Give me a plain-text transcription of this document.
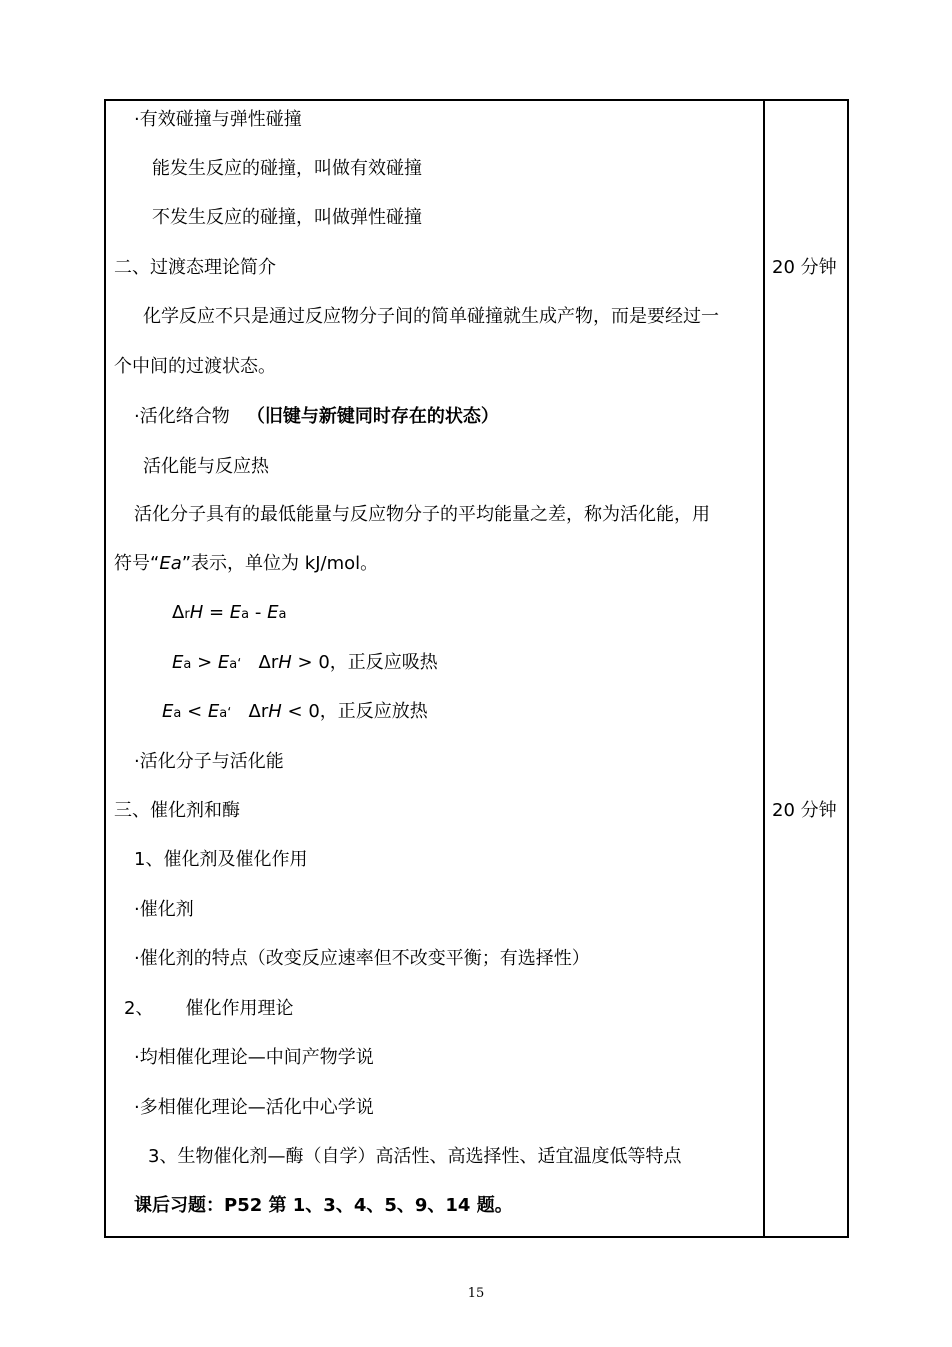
·有效碰撞与弹性碰撞
能发生反应的碰撞，叫做有效碰撞
不发生反应的碰撞，叫做弹性碰撞
二、过渡态理论简介
化学反应不只是通过反应物分子间的简单碰撞就生成产物，而是要经过一
个中间的过渡状态。
·活化络合物 （旧键与新键同时存在的状态）
活化能与反应热
活化分子具有的最低能量与反应物分子的平均能量之差，称为活化能，用
符号“Ea”表示，单位为 kJ/mol。
ΔrH = Ea - Ea
Ea > Ea‘ ΔrH > 0，正反应吸热
Ea < Ea‘ ΔrH < 0，正反应放热
·活化分子与活化能
三、催化剂和酶
1、催化剂及催化作用
·催化剂
·催化剂的特点（改变反应速率但不改变平衡；有选择性）
2、 催化作用理论
·均相催化理论—中间产物学说
·多相催化理论—活化中心学说
3、生物催化剂—酶（自学）高活性、高选择性、适宜温度低等特点
课后习题：P52 第 1、3、4、5、9、14 题。
20 分钟
20 分钟
15
